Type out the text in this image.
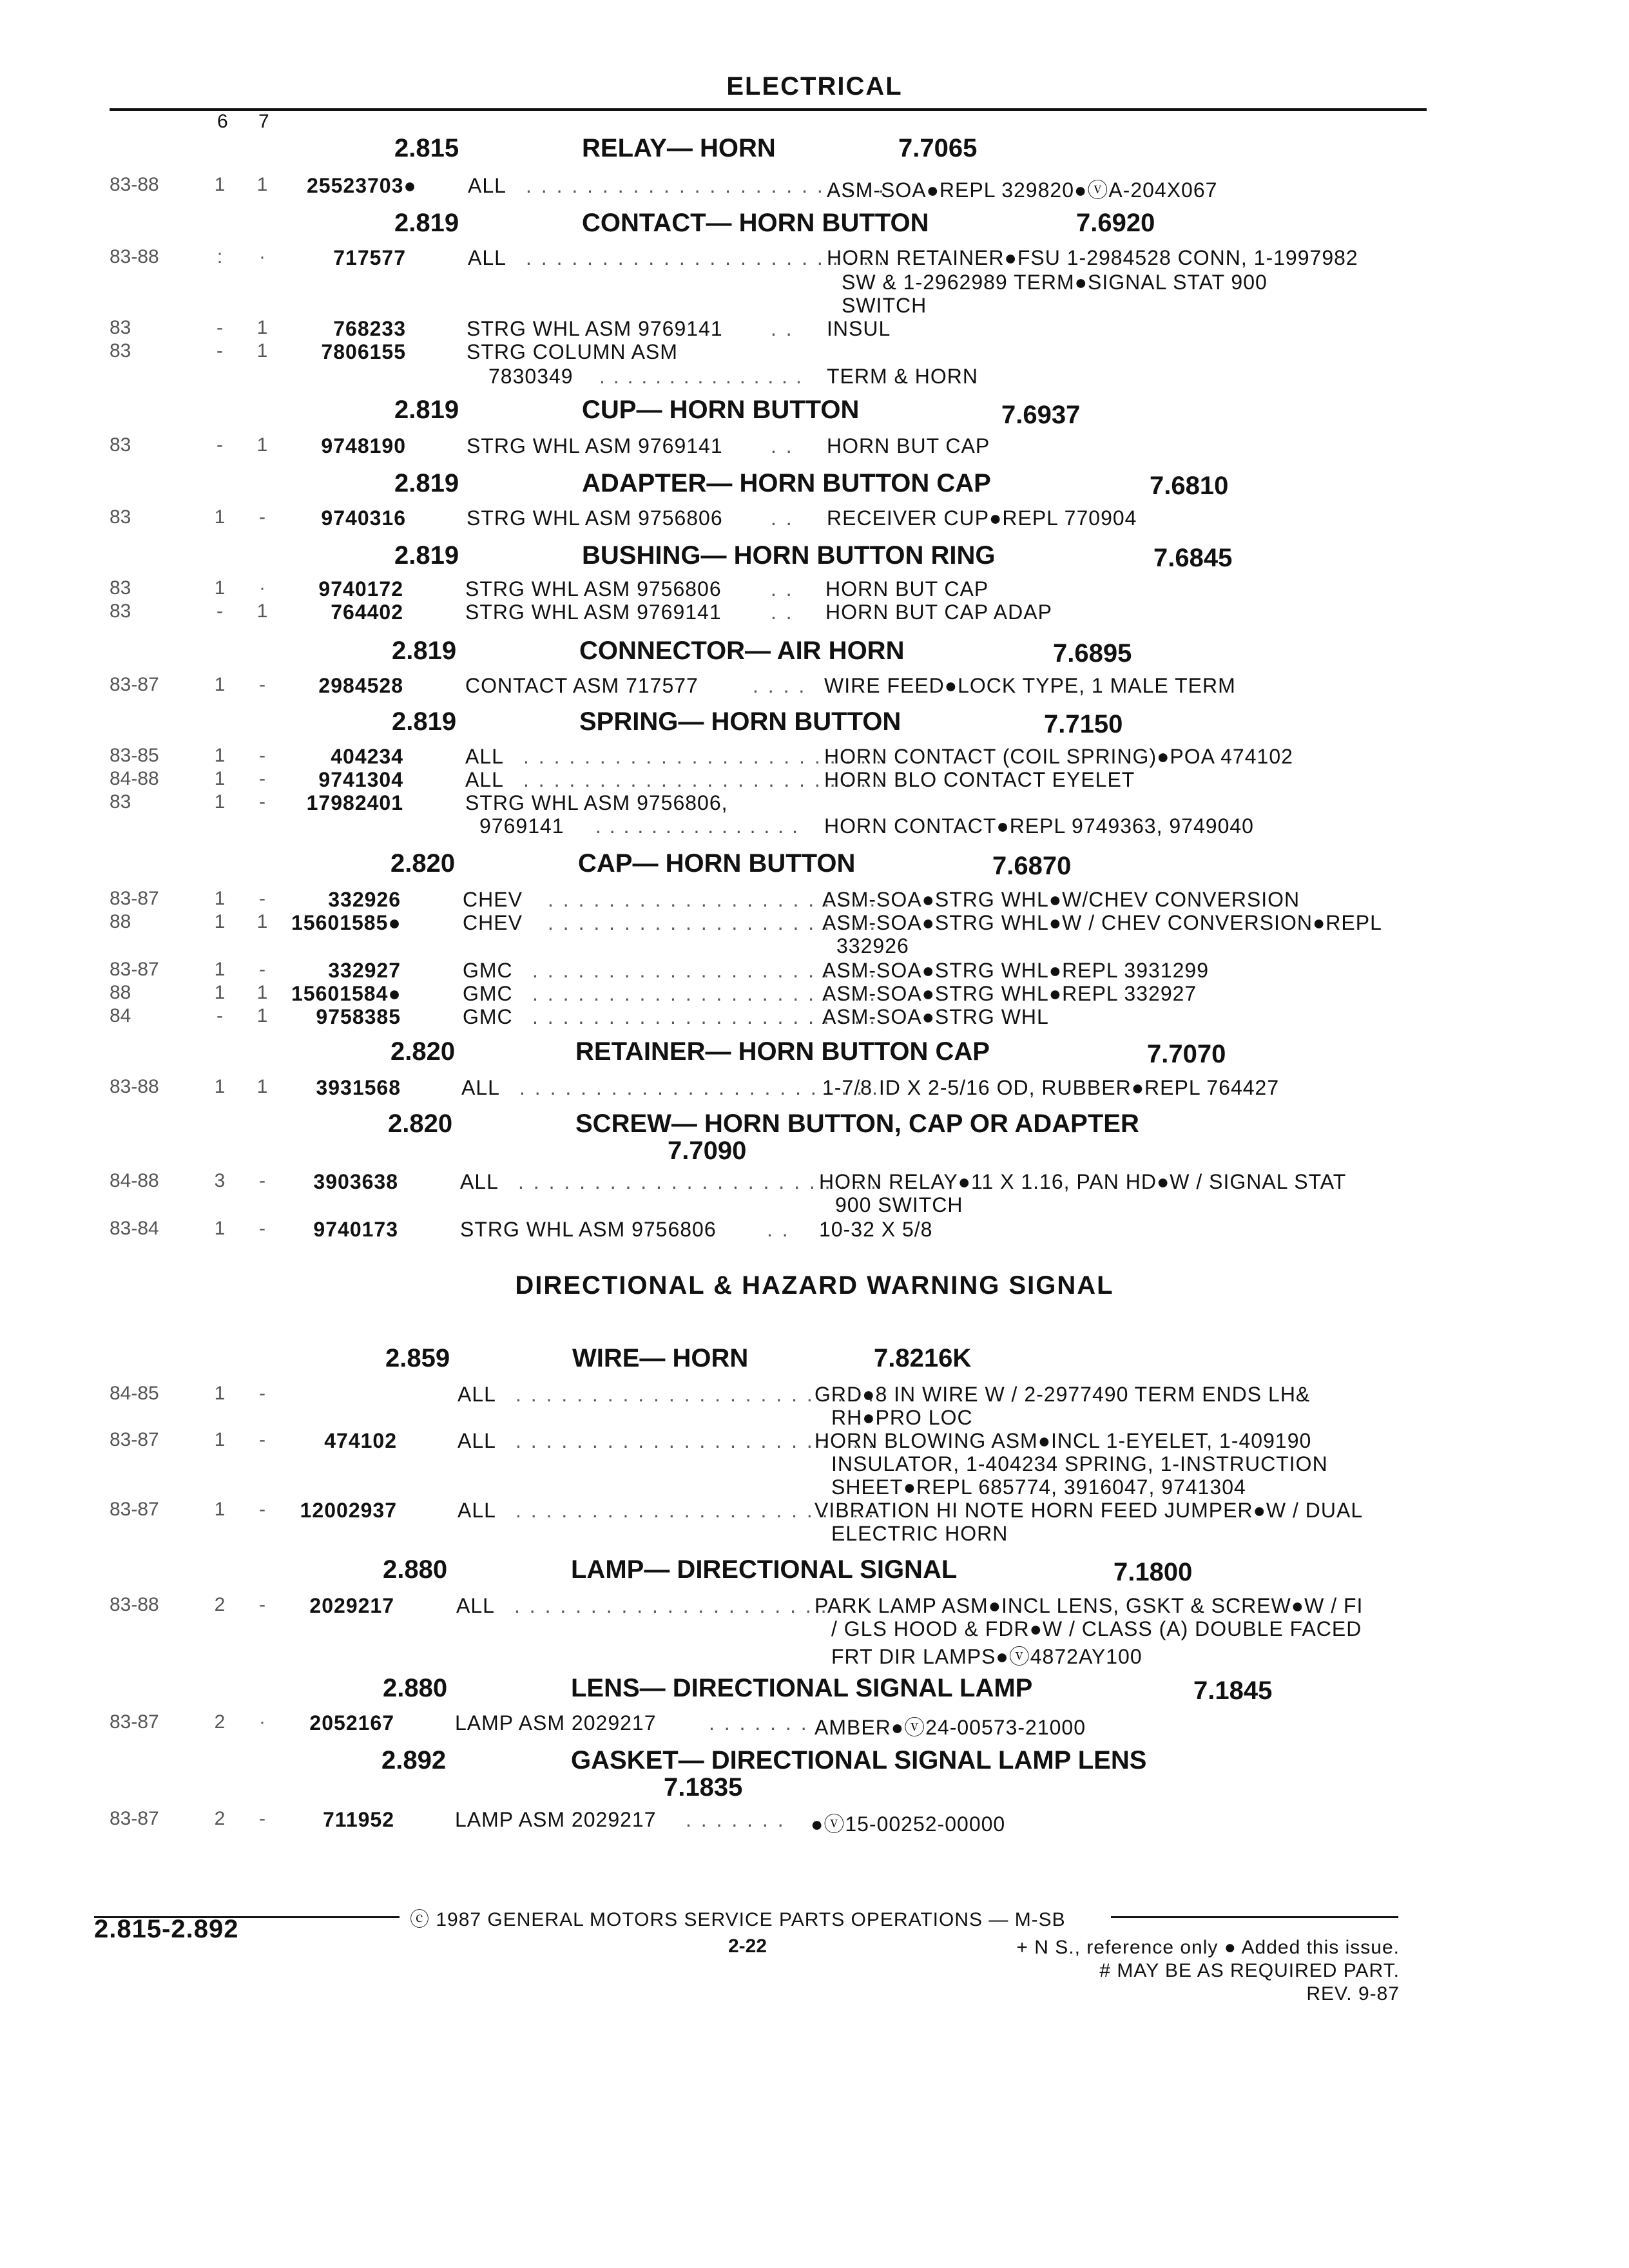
ELECTRICAL
6 7
2.815	RELAY— HORN	7.7065
83-88	1 1 25523703● ALL . . . . . . . . . . . . . . . . . . . . . . . .
ASM-SOA●REPL 329820●ⓥA-204X067
2.819	CONTACT— HORN BUTTON	7.6920
83-88	:	·	717577	ALL . . . . . . . . . . . . . . . . . . . . . . . .
HORN RETAINER●FSU 1-2984528 CONN, 1-1997982
SW & 1-2962989 TERM●SIGNAL STAT 900
SWITCH
83	-	1	768233	STRG WHL ASM 9769141 . .	INSUL
83	-	1	7806155	STRG COLUMN ASM
7830349 . . . . . . . . . . . . . . . TERM & HORN
2.819	CUP— HORN BUTTON	7.6937
83	-	1	9748190	STRG WHL ASM 9769141 . .	HORN BUT CAP
2.819	ADAPTER— HORN BUTTON CAP	7.6810
83	1	-	9740316	STRG WHL ASM 9756806 . .	RECEIVER CUP●REPL 770904
2.819	BUSHING— HORN BUTTON RING	7.6845
83	1	·	9740172	STRG WHL ASM 9756806 . .	HORN BUT CAP
83	-	1	764402	STRG WHL ASM 9769141 . .	HORN BUT CAP ADAP
2.819	CONNECTOR— AIR HORN	7.6895
83-87	1	-	2984528	CONTACT ASM 717577	. . . . WIRE FEED●LOCK TYPE, 1 MALE TERM
2.819	SPRING— HORN BUTTON	7.7150
83-85	1	-	404234	ALL . . . . . . . . . . . . . . . . . . . . . . . .
HORN CONTACT (COIL SPRING)●POA 474102
84-88	1	-	9741304	ALL . . . . . . . . . . . . . . . . . . . . . . . .
HORN BLO CONTACT EYELET
83	1	-	17982401	STRG WHL ASM 9756806,
9769141 . . . . . . . . . . . . . . . HORN CONTACT●REPL 9749363, 9749040
2.820	CAP— HORN BUTTON	7.6870
83-87	1	-	332926	CHEV . . . . . . . . . . . . . . . . . . . . . .
ASM-SOA●STRG WHL●W/CHEV CONVERSION
88	1 1 15601585●	CHEV . . . . . . . . . . . . . . . . . . . . . .
ASM-SOA●STRG WHL●W / CHEV CONVERSION●REPL
332926
83-87	1	-	332927	GMC . . . . . . . . . . . . . . . . . . . . . . .
ASM-SOA●STRG WHL●REPL 3931299
88	1 1 15601584●	GMC . . . . . . . . . . . . . . . . . . . . . . .
ASM-SOA●STRG WHL●REPL 332927
84	-	1	9758385	GMC . . . . . . . . . . . . . . . . . . . . . . .
ASM-SOA●STRG WHL
2.820	RETAINER— HORN BUTTON CAP	7.7070
83-88	1 1	3931568	ALL . . . . . . . . . . . . . . . . . . . . . . . .
1-7/8 ID X 2-5/16 OD, RUBBER●REPL 764427
2.820	SCREW— HORN BUTTON, CAP OR ADAPTER
7.7090
84-88	3	-	3903638	ALL . . . . . . . . . . . . . . . . . . . . . . . .
HORN RELAY●11 X 1.16, PAN HD●W / SIGNAL STAT
900 SWITCH
83-84	1	-	9740173	STRG WHL ASM 9756806 . .	10-32 X 5/8
DIRECTIONAL & HAZARD WARNING SIGNAL
2.859	WIRE— HORN	7.8216K
84-85	1	-	ALL . . . . . . . . . . . . . . . . . . . . . . . .
GRD●8 IN WIRE W / 2-2977490 TERM ENDS LH&
RH●PRO LOC
83-87	1	-	474102	ALL . . . . . . . . . . . . . . . . . . . . . . . .
HORN BLOWING ASM●INCL 1-EYELET, 1-409190
INSULATOR, 1-404234 SPRING, 1-INSTRUCTION
SHEET●REPL 685774, 3916047, 9741304
83-87	1	-	12002937	ALL . . . . . . . . . . . . . . . . . . . . . . . .
VIBRATION HI NOTE HORN FEED JUMPER●W / DUAL
ELECTRIC HORN
2.880	LAMP— DIRECTIONAL SIGNAL	7.1800
83-88	2	-	2029217	ALL . . . . . . . . . . . . . . . . . . . . . . . .
PARK LAMP ASM●INCL LENS, GSKT & SCREW●W / FI
/ GLS HOOD & FDR●W / CLASS (A) DOUBLE FACED
FRT DIR LAMPS●ⓥ4872AY100
2.880	LENS— DIRECTIONAL SIGNAL LAMP	7.1845
83-87	2	·	2052167	LAMP ASM 2029217	. . . . . . . AMBER●ⓥ24-00573-21000
2.892	GASKET— DIRECTIONAL SIGNAL LAMP LENS
7.1835
83-87	2	-	711952	LAMP ASM 2029217 . . . . . . . ●ⓥ15-00252-00000
ⓒ 1987 GENERAL MOTORS SERVICE PARTS OPERATIONS — M-SB
2.815-2.892
2-22	+ N S., reference only ● Added this issue.
# MAY BE AS REQUIRED PART.
REV. 9-87
